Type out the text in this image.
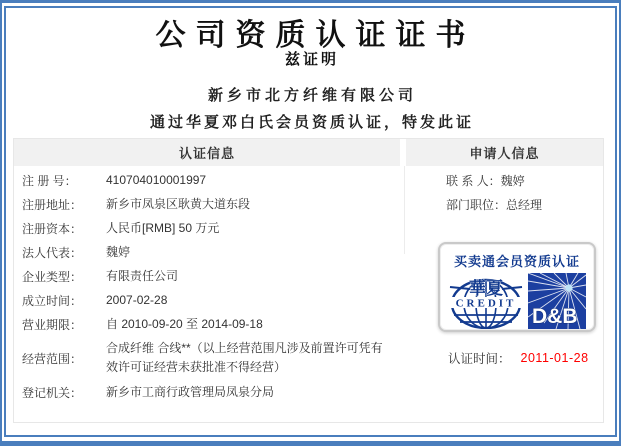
公司资质认证证书
兹证明
新乡市北方纤维有限公司
通过华夏邓白氏会员资质认证，特发此证
认证信息	申请人信息
注 册 号：	410704010001997
注册地址：	新乡市凤泉区耿黄大道东段
注册资本：	人民币[RMB] 50 万元
法人代表：	魏婷
企业类型：	有限责任公司
成立时间：	2007-02-28
营业期限：	自 2010-09-20 至 2014-09-18
经营范围：
合成纤维 合线**（以上经营范围凡涉及前置许可凭有效许可证经营未获批准不得经营）
登记机关：	新乡市工商行政管理局凤泉分局
联 系 人： 魏婷
部门职位： 总经理
买卖通会员资质认证
華夏
CREDIT
D&B
认证时间： 2011-01-28
